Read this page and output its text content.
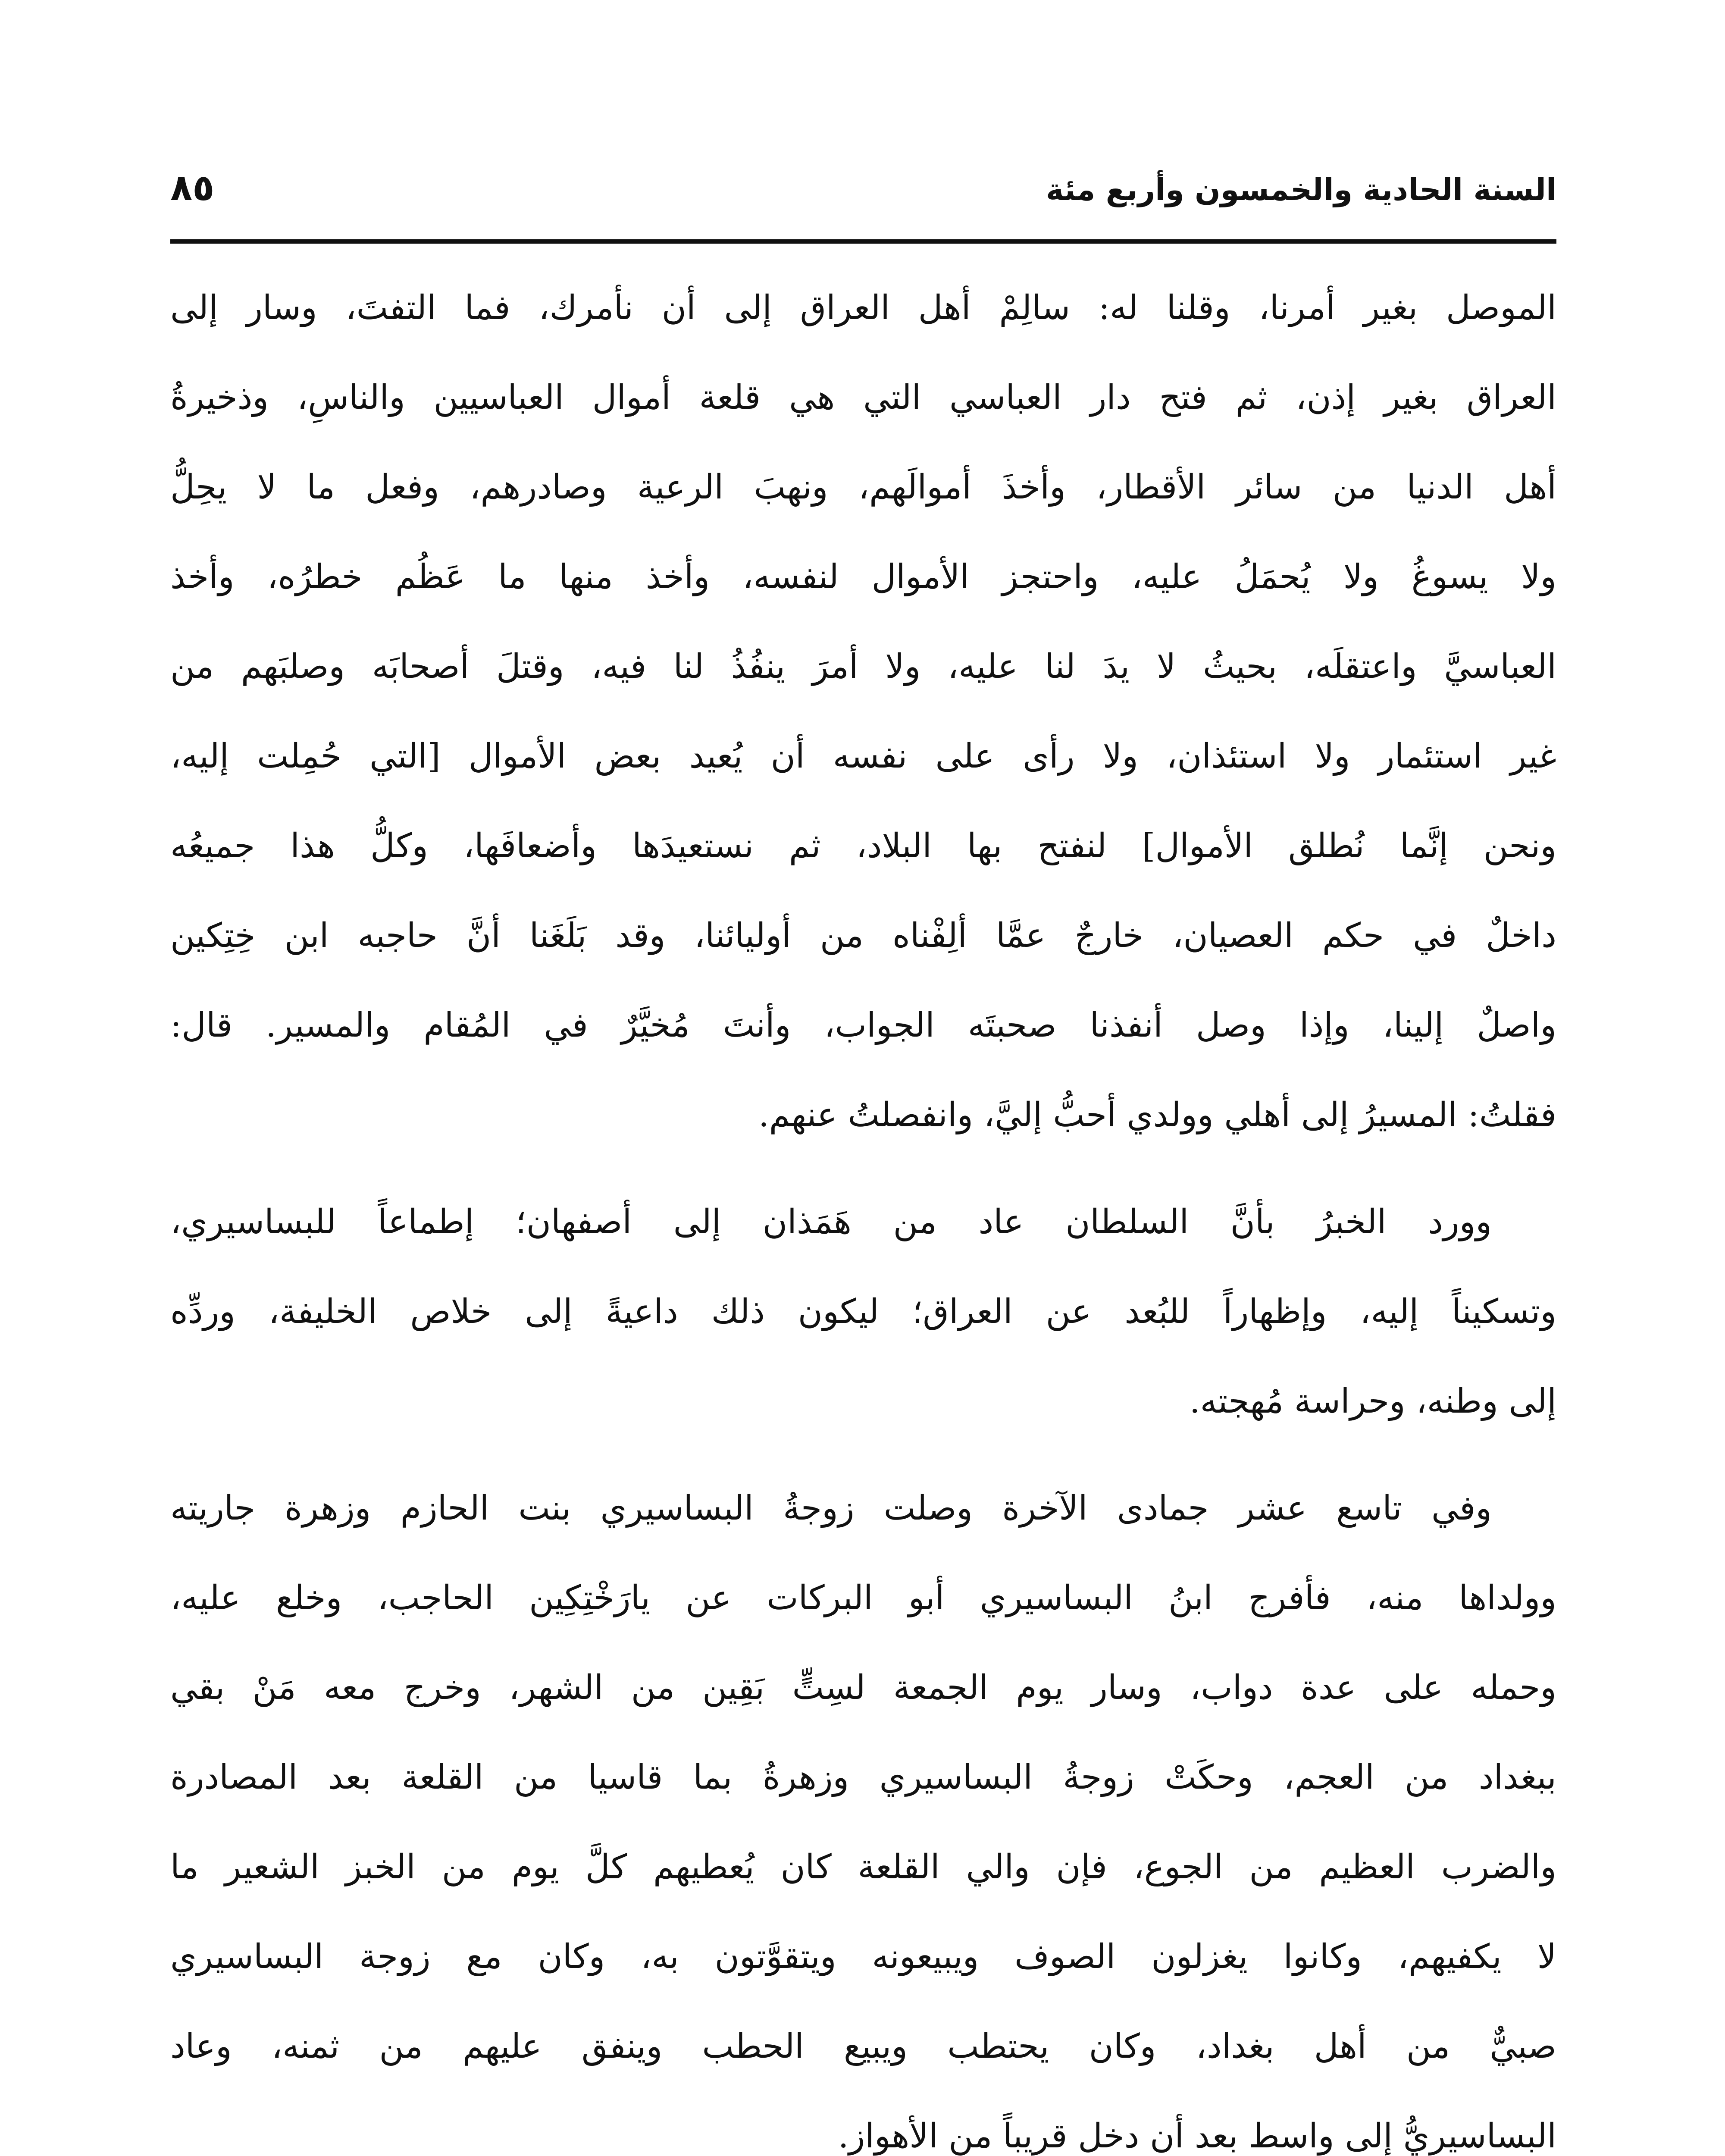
السنة الحادية والخمسون وأربع مئة
٨٥
الموصل بغير أمرنا، وقلنا له: سالِمْ أهل العراق إلى أن نأمرك، فما التفتَ، وسار إلى
العراق بغير إذن، ثم فتح دار العباسي التي هي قلعة أموال العباسيين والناسِ، وذخيرةُ
أهل الدنيا من سائر الأقطار، وأخذَ أموالَهم، ونهبَ الرعية وصادرهم، وفعل ما لا يحِلُّ
ولا يسوغُ ولا يُحمَلُ عليه، واحتجز الأموال لنفسه، وأخذ منها ما عَظُم خطرُه، وأخذ
العباسيَّ واعتقلَه، بحيثُ لا يدَ لنا عليه، ولا أمرَ ينفُذُ لنا فيه، وقتلَ أصحابَه وصلبَهم من
غير استئمار ولا استئذان، ولا رأى على نفسه أن يُعيد بعض الأموال [التي حُمِلت إليه،
ونحن إنَّما نُطلق الأموال] لنفتح بها البلاد، ثم نستعيدَها وأضعافَها، وكلُّ هذا جميعُه
داخلٌ في حكم العصيان، خارجٌ عمَّا ألِفْناه من أوليائنا، وقد بَلَغَنا أنَّ حاجبه ابن خِتِكين
واصلٌ إلينا، وإذا وصل أنفذنا صحبتَه الجواب، وأنتَ مُخيَّرٌ في المُقام والمسير. قال:
فقلتُ: المسيرُ إلى أهلي وولدي أحبُّ إليَّ، وانفصلتُ عنهم.
وورد الخبرُ بأنَّ السلطان عاد من هَمَذان إلى أصفهان؛ إطماعاً للبساسيري،
وتسكيناً إليه، وإظهاراً للبُعد عن العراق؛ ليكون ذلك داعيةً إلى خلاص الخليفة، وردِّه
إلى وطنه، وحراسة مُهجته.
وفي تاسع عشر جمادى الآخرة وصلت زوجةُ البساسيري بنت الحازم وزهرة جاريته
وولداها منه، فأفرج ابنُ البساسيري أبو البركات عن يارَخْتِكِين الحاجب، وخلع عليه،
وحمله على عدة دواب، وسار يوم الجمعة لسِتٍّ بَقِين من الشهر، وخرج معه مَنْ بقي
ببغداد من العجم، وحكَتْ زوجةُ البساسيري وزهرةُ بما قاسيا من القلعة بعد المصادرة
والضرب العظيم من الجوع، فإن والي القلعة كان يُعطيهم كلَّ يوم من الخبز الشعير ما
لا يكفيهم، وكانوا يغزلون الصوف ويبيعونه ويتقوَّتون به، وكان مع زوجة البساسيري
صبيٌّ من أهل بغداد، وكان يحتطب ويبيع الحطب وينفق عليهم من ثمنه، وعاد
البساسيريُّ إلى واسط بعد أن دخل قريباً من الأهواز.
